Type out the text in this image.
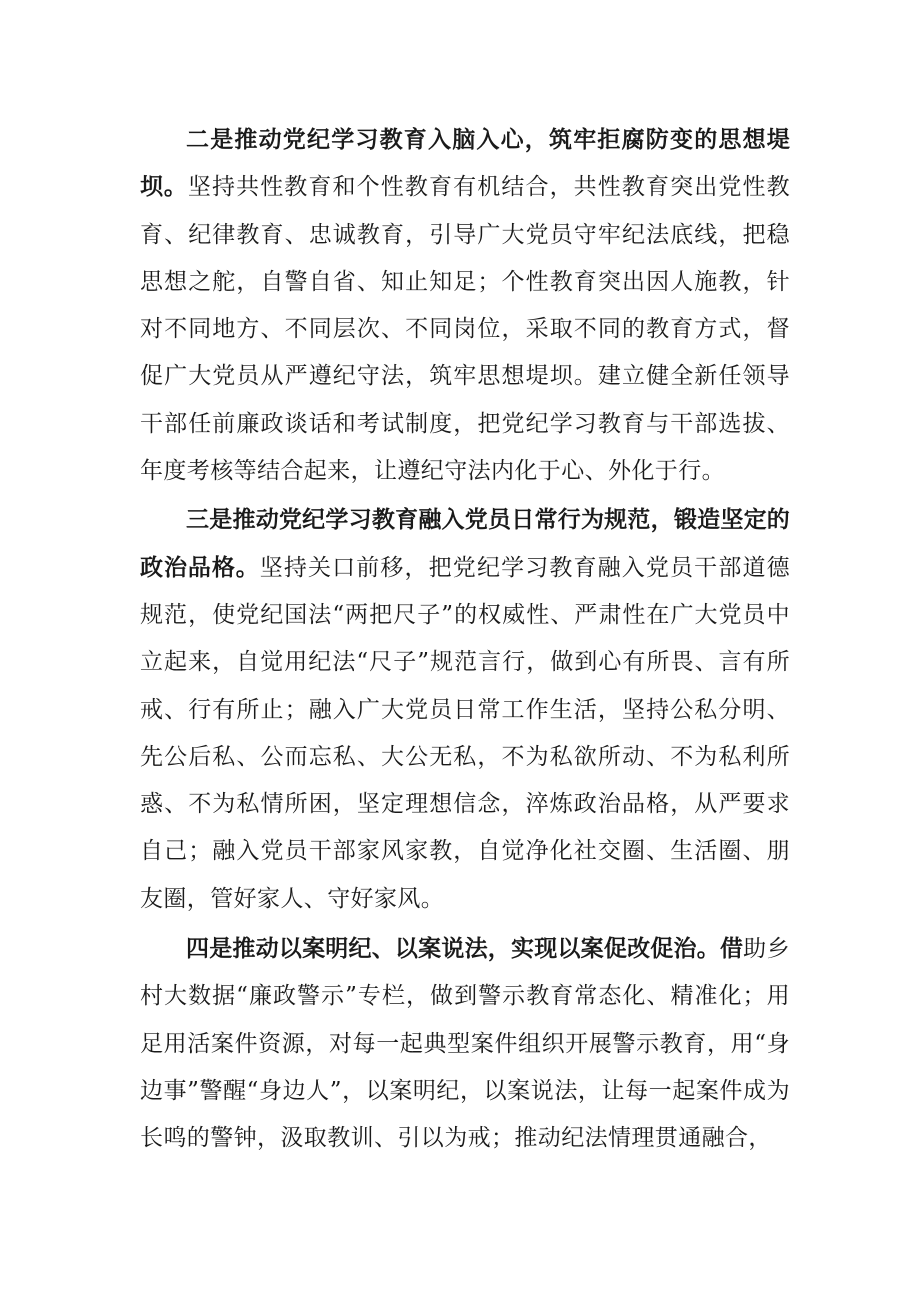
二是推动党纪学习教育入脑入心，筑牢拒腐防变的思想堤坝。坚持共性教育和个性教育有机结合，共性教育突出党性教育、纪律教育、忠诚教育，引导广大党员守牢纪法底线，把稳思想之舵，自警自省、知止知足；个性教育突出因人施教，针对不同地方、不同层次、不同岗位，采取不同的教育方式，督促广大党员从严遵纪守法，筑牢思想堤坝。建立健全新任领导干部任前廉政谈话和考试制度，把党纪学习教育与干部选拔、年度考核等结合起来，让遵纪守法内化于心、外化于行。

三是推动党纪学习教育融入党员日常行为规范，锻造坚定的政治品格。坚持关口前移，把党纪学习教育融入党员干部道德规范，使党纪国法“两把尺子”的权威性、严肃性在广大党员中立起来，自觉用纪法“尺子”规范言行，做到心有所畏、言有所戒、行有所止；融入广大党员日常工作生活，坚持公私分明、先公后私、公而忘私、大公无私，不为私欲所动、不为私利所惑、不为私情所困，坚定理想信念，淬炼政治品格，从严要求自己；融入党员干部家风家教，自觉净化社交圈、生活圈、朋友圈，管好家人、守好家风。

四是推动以案明纪、以案说法，实现以案促改促治。借助乡村大数据“廉政警示”专栏，做到警示教育常态化、精准化；用足用活案件资源，对每一起典型案件组织开展警示教育，用“身边事”警醒“身边人”，以案明纪，以案说法，让每一起案件成为长鸣的警钟，汲取教训、引以为戒；推动纪法情理贯通融合，
